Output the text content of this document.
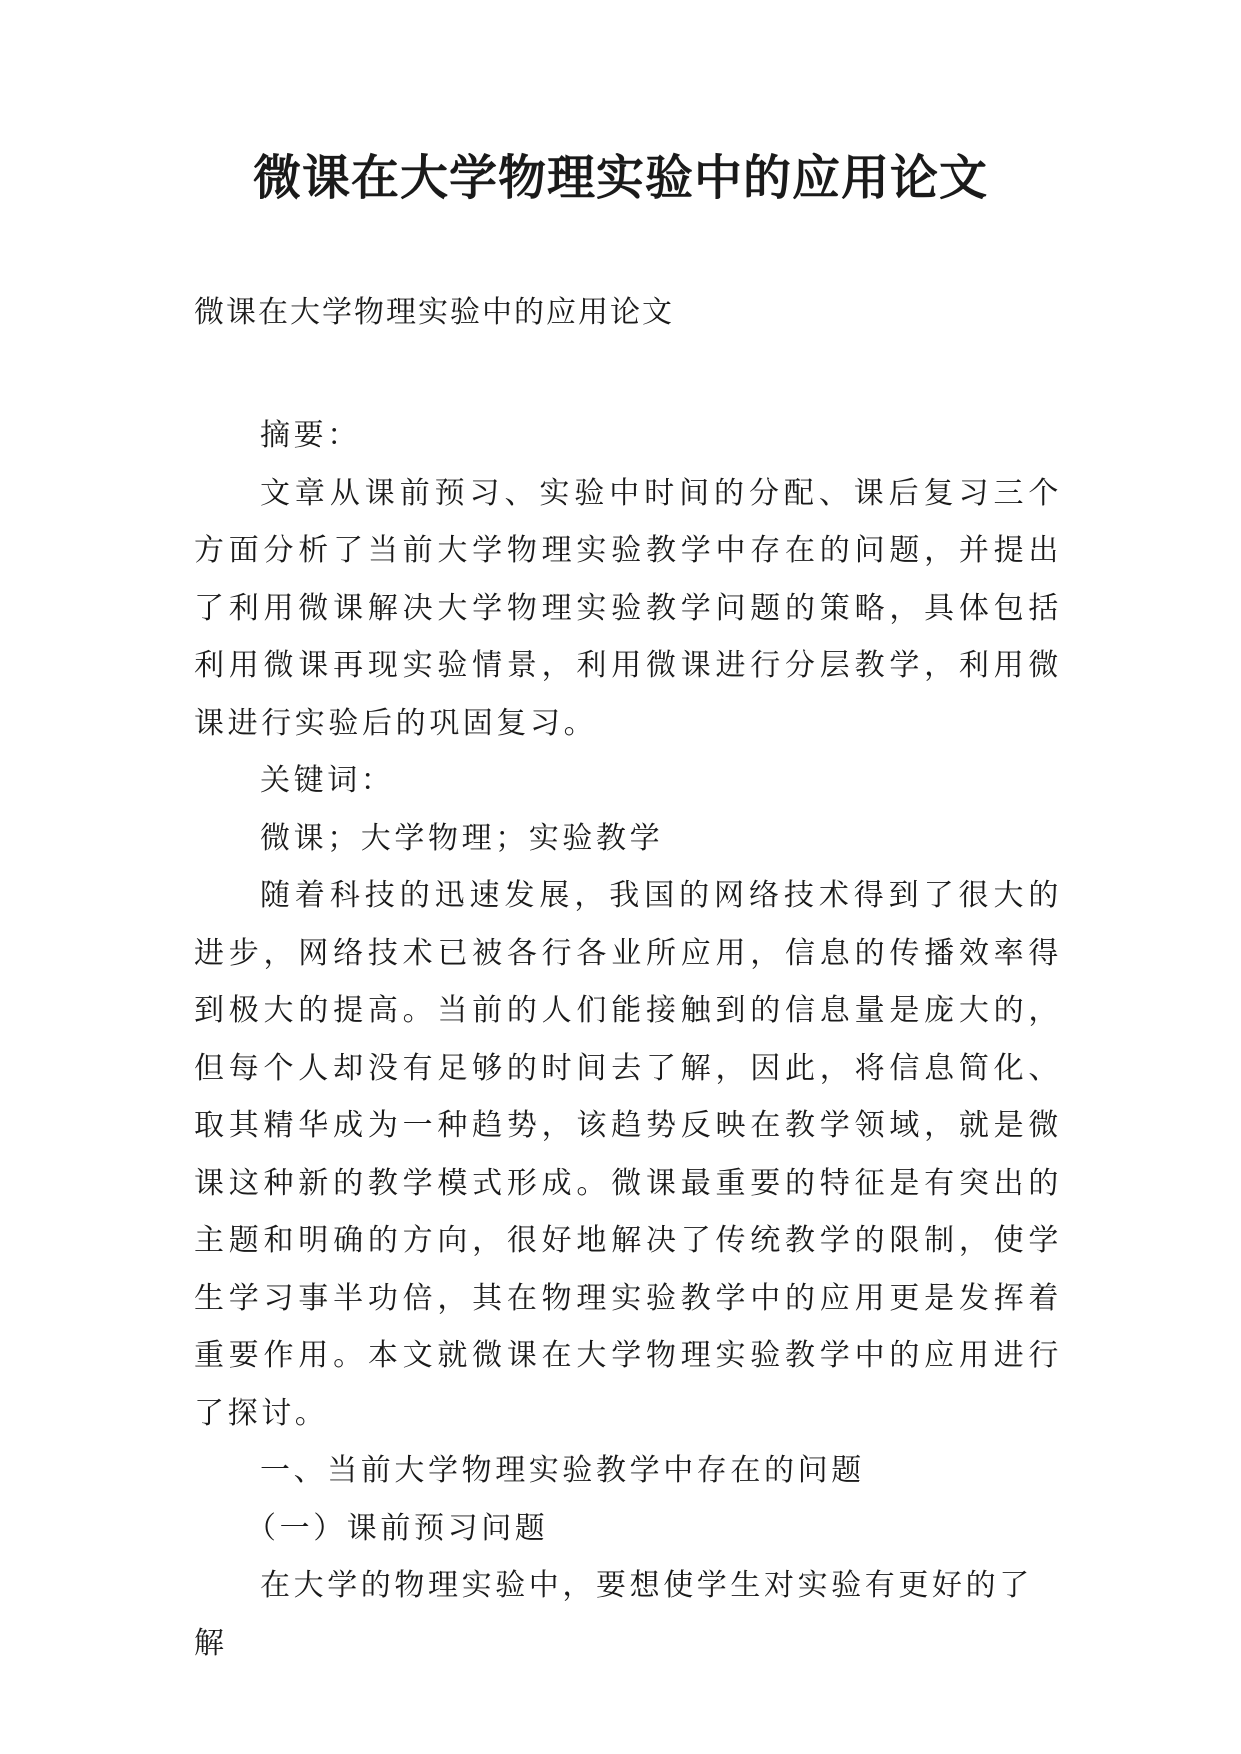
微课在大学物理实验中的应用论文

微课在大学物理实验中的应用论文

摘要：

文章从课前预习、实验中时间的分配、课后复习三个方面分析了当前大学物理实验教学中存在的问题，并提出了利用微课解决大学物理实验教学问题的策略，具体包括利用微课再现实验情景，利用微课进行分层教学，利用微课进行实验后的巩固复习。

关键词：

微课；大学物理；实验教学

随着科技的迅速发展，我国的网络技术得到了很大的进步，网络技术已被各行各业所应用，信息的传播效率得到极大的提高。当前的人们能接触到的信息量是庞大的，但每个人却没有足够的时间去了解，因此，将信息简化、取其精华成为一种趋势，该趋势反映在教学领域，就是微课这种新的教学模式形成。微课最重要的特征是有突出的主题和明确的方向，很好地解决了传统教学的限制，使学生学习事半功倍，其在物理实验教学中的应用更是发挥着重要作用。本文就微课在大学物理实验教学中的应用进行了探讨。

一、当前大学物理实验教学中存在的问题

（一）课前预习问题

在大学的物理实验中，要想使学生对实验有更好的了解
